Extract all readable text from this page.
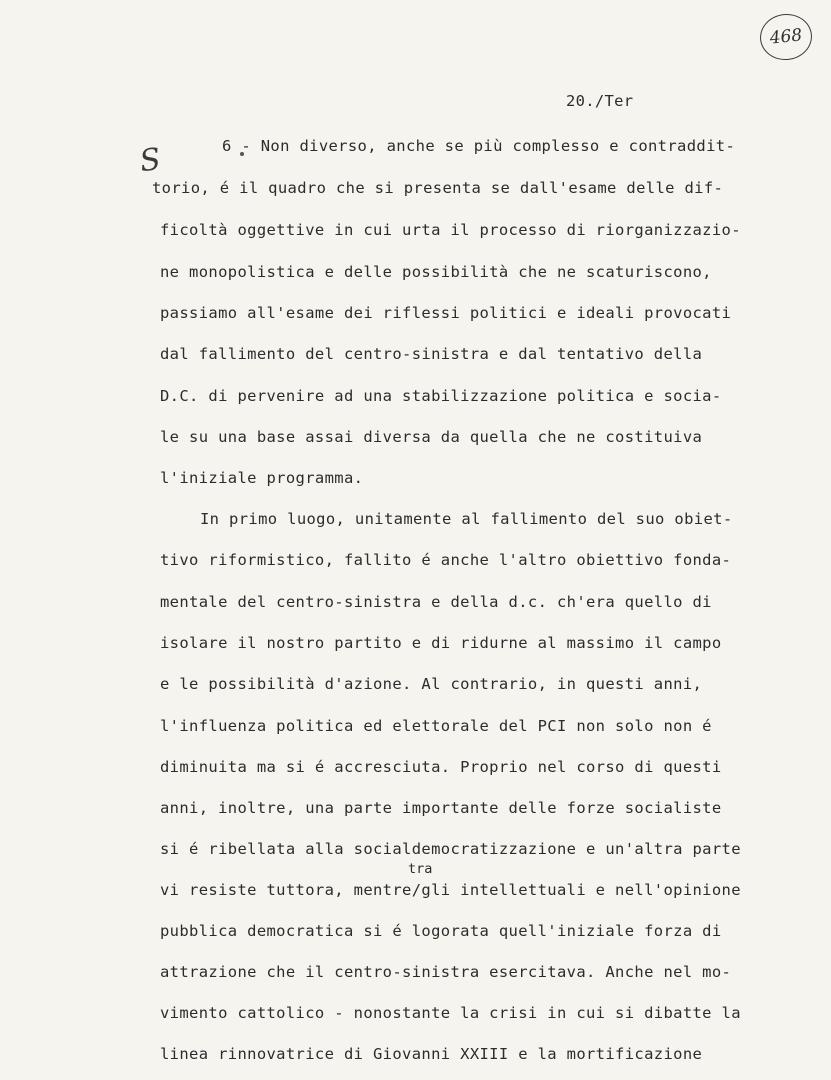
468
20./Ter
S	6 - Non diverso, anche se più complesso e contraddit-
torio, é il quadro che si presenta se dall'esame delle dif-
ficoltà oggettive in cui urta il processo di riorganizzazio-
ne monopolistica e delle possibilità che ne scaturiscono,
passiamo all'esame dei riflessi politici e ideali provocati
dal fallimento del centro-sinistra e dal tentativo della
D.C. di pervenire ad una stabilizzazione politica e socia-
le su una base assai diversa da quella che ne costituiva
l'iniziale programma.
In primo luogo, unitamente al fallimento del suo obiet-
tivo riformistico, fallito é anche l'altro obiettivo fonda-
mentale del centro-sinistra e della d.c. ch'era quello di
isolare il nostro partito e di ridurne al massimo il campo
e le possibilità d'azione. Al contrario, in questi anni,
l'influenza politica ed elettorale del PCI non solo non é
diminuita ma si é accresciuta. Proprio nel corso di questi
anni, inoltre, una parte importante delle forze socialiste
si é ribellata alla socialdemocratizzazione e un'altra parte
tra
vi resiste tuttora, mentre/gli intellettuali e nell'opinione
pubblica democratica si é logorata quell'iniziale forza di
attrazione che il centro-sinistra esercitava. Anche nel mo-
vimento cattolico - nonostante la crisi in cui si dibatte la
linea rinnovatrice di Giovanni XXIII e la mortificazione
